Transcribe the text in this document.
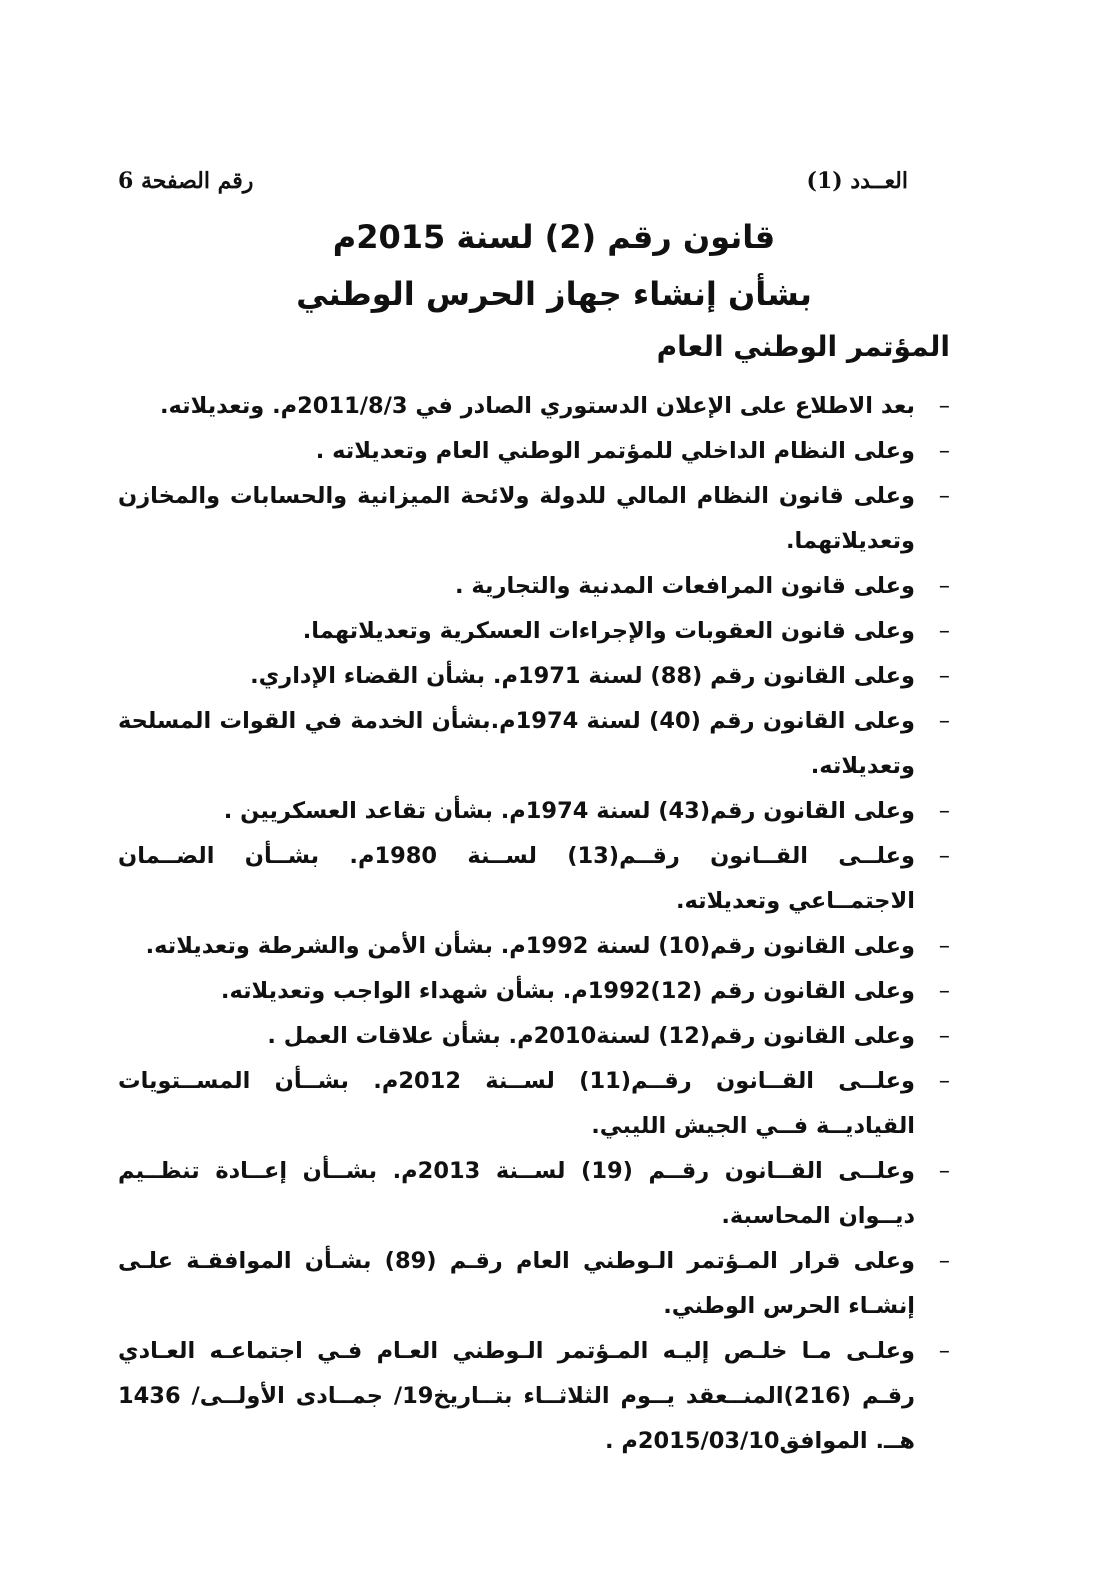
العــدد (1)
رقم الصفحة 6
قانون رقم (2) لسنة 2015م
بشأن إنشاء جهاز الحرس الوطني
المؤتمر الوطني العام
–
بعد الاطلاع على الإعلان الدستوري الصادر في 2011/8/3م. وتعديلاته.
–
وعلى النظام الداخلي للمؤتمر الوطني العام وتعديلاته .
–
وعلى قانون النظام المالي للدولة ولائحة الميزانية والحسابات والمخازن وتعديلاتهما.
–
وعلى قانون المرافعات المدنية والتجارية .
–
وعلى قانون العقوبات والإجراءات العسكرية وتعديلاتهما.
–
وعلى القانون رقم (88) لسنة 1971م. بشأن القضاء الإداري.
–
وعلى القانون رقم (40) لسنة 1974م.بشأن الخدمة في القوات المسلحة وتعديلاته.
–
وعلى القانون رقم(43) لسنة 1974م. بشأن تقاعد العسكريين .
–
وعلــى القــانون رقــم(13) لســنة 1980م. بشــأن الضــمان الاجتمــاعي وتعديلاته.
–
وعلى القانون رقم(10) لسنة 1992م. بشأن الأمن والشرطة وتعديلاته.
–
وعلى القانون رقم (12)1992م. بشأن شهداء الواجب وتعديلاته.
–
وعلى القانون رقم(12) لسنة2010م. بشأن علاقات العمل .
–
وعلــى القــانون رقــم(11) لســنة 2012م. بشــأن المســتويات القياديــة فــي الجيش الليبي.
–
وعلــى القــانون رقــم (19) لســنة 2013م. بشــأن إعــادة تنظــيم ديــوان المحاسبة.
–
وعلى قرار المـؤتمر الـوطني العام رقـم (89) بشـأن الموافقـة علـى إنشـاء الحرس الوطني.
–
وعلـى مـا خلـص إليـه المـؤتمر الـوطني العـام فـي اجتماعـه العـادي رقـم (216)المنــعقد يــوم الثلاثــاء بتــاريخ19/ جمــادى الأولــى/ 1436 هــ. الموافق2015/03/10م .
